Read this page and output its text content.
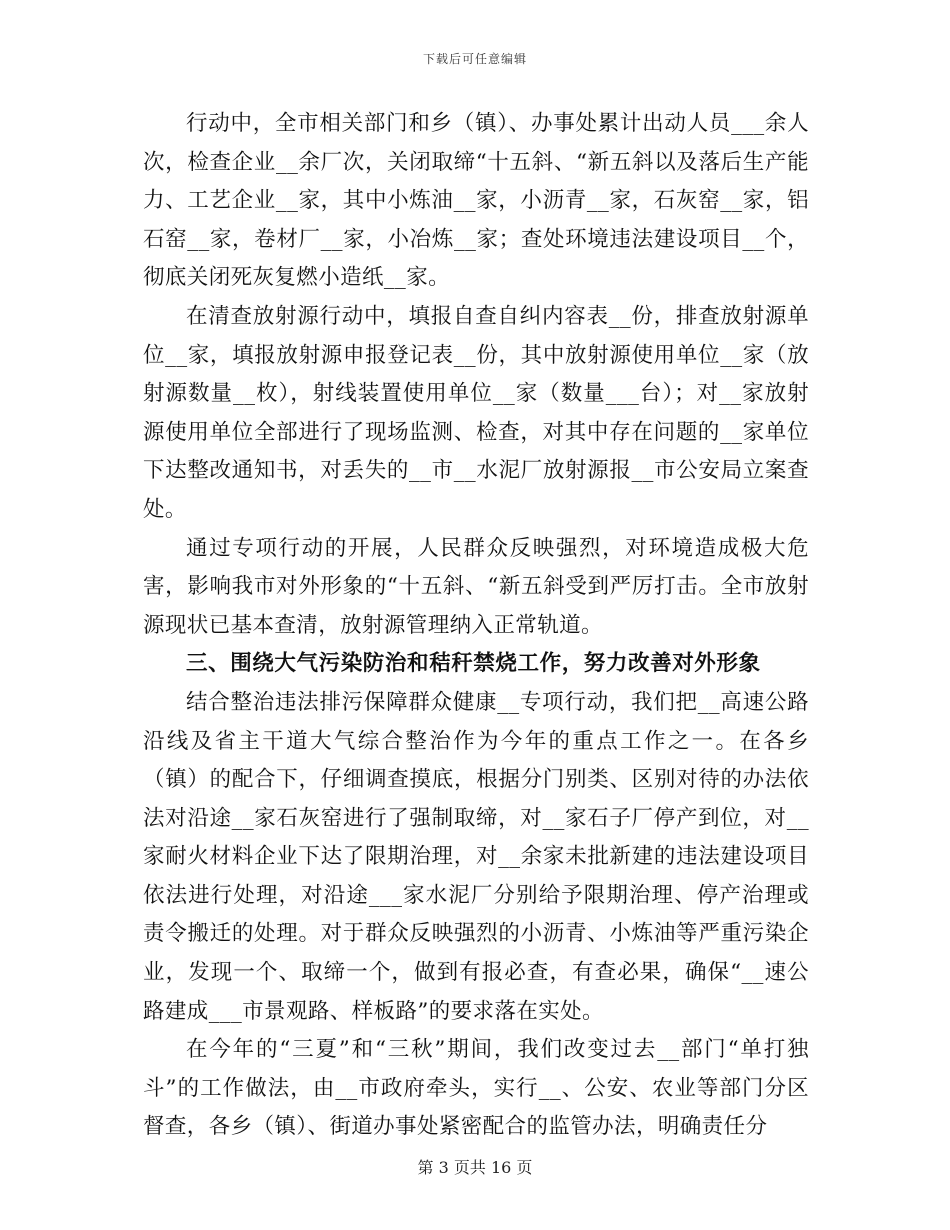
下载后可任意编辑

行动中，全市相关部门和乡（镇）、办事处累计出动人员___余人次，检查企业__余厂次，关闭取缔“十五斜、“新五斜以及落后生产能力、工艺企业__家，其中小炼油__家，小沥青__家，石灰窑__家，铝石窑__家，卷材厂__家，小冶炼__家；查处环境违法建设项目__个，彻底关闭死灰复燃小造纸__家。

在清查放射源行动中，填报自查自纠内容表__份，排查放射源单位__家，填报放射源申报登记表__份，其中放射源使用单位__家（放射源数量__枚），射线装置使用单位__家（数量___台）；对__家放射源使用单位全部进行了现场监测、检查，对其中存在问题的__家单位下达整改通知书，对丢失的__市__水泥厂放射源报__市公安局立案查处。

通过专项行动的开展，人民群众反映强烈，对环境造成极大危害，影响我市对外形象的“十五斜、“新五斜受到严厉打击。全市放射源现状已基本查清，放射源管理纳入正常轨道。

三、围绕大气污染防治和秸秆禁烧工作，努力改善对外形象

结合整治违法排污保障群众健康__专项行动，我们把__高速公路沿线及省主干道大气综合整治作为今年的重点工作之一。在各乡（镇）的配合下，仔细调查摸底，根据分门别类、区别对待的办法依法对沿途__家石灰窑进行了强制取缔，对__家石子厂停产到位，对__家耐火材料企业下达了限期治理，对__余家未批新建的违法建设项目依法进行处理，对沿途___家水泥厂分别给予限期治理、停产治理或责令搬迁的处理。对于群众反映强烈的小沥青、小炼油等严重污染企业，发现一个、取缔一个，做到有报必查，有查必果，确保“__速公路建成___市景观路、样板路”的要求落在实处。

在今年的“三夏”和“三秋”期间，我们改变过去__部门“单打独斗”的工作做法，由__市政府牵头，实行__、公安、农业等部门分区督查，各乡（镇）、街道办事处紧密配合的监管办法，明确责任分

第 3 页共 16 页
